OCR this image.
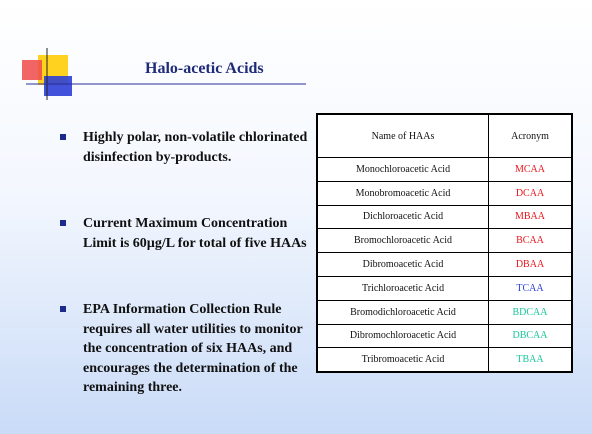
Halo-acetic Acids
Highly polar, non-volatile chlorinated disinfection by-products.
Current Maximum Concentration Limit is 60µg/L for total of five HAAs
EPA Information Collection Rule requires all water utilities to monitor the concentration of six HAAs, and encourages the determination of the remaining three.
Name of HAAs	Acronym
Monochloroacetic Acid	MCAA
Monobromoacetic Acid	DCAA
Dichloroacetic Acid	MBAA
Bromochloroacetic Acid	BCAA
Dibromoacetic Acid	DBAA
Trichloroacetic Acid	TCAA
Bromodichloroacetic Acid	BDCAA
Dibromochloroacetic Acid	DBCAA
Tribromoacetic Acid	TBAA
